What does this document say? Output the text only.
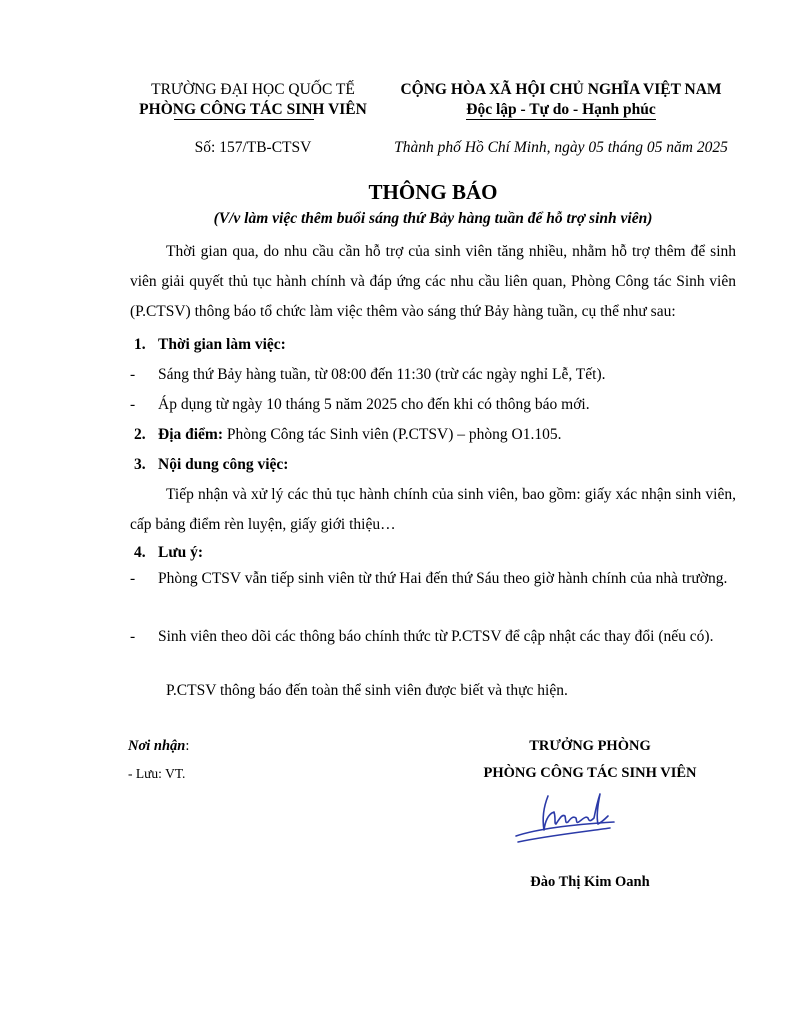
TRƯỜNG ĐẠI HỌC QUỐC TẾ
PHÒNG CÔNG TÁC SINH VIÊN
Số: 157/TB-CTSV
CỘNG HÒA XÃ HỘI CHỦ NGHĨA VIỆT NAM
Độc lập - Tự do - Hạnh phúc
Thành phố Hồ Chí Minh, ngày 05 tháng 05 năm 2025
THÔNG BÁO
(V/v làm việc thêm buổi sáng thứ Bảy hàng tuần để hỗ trợ sinh viên)
Thời gian qua, do nhu cầu cần hỗ trợ của sinh viên tăng nhiều, nhằm hỗ trợ thêm để sinh viên giải quyết thủ tục hành chính và đáp ứng các nhu cầu liên quan, Phòng Công tác Sinh viên (P.CTSV) thông báo tổ chức làm việc thêm vào sáng thứ Bảy hàng tuần, cụ thể như sau:
1. Thời gian làm việc:
-	Sáng thứ Bảy hàng tuần, từ 08:00 đến 11:30 (trừ các ngày nghỉ Lễ, Tết).
-	Áp dụng từ ngày 10 tháng 5 năm 2025 cho đến khi có thông báo mới.
2. Địa điểm: Phòng Công tác Sinh viên (P.CTSV) – phòng O1.105.
3. Nội dung công việc:
Tiếp nhận và xử lý các thủ tục hành chính của sinh viên, bao gồm: giấy xác nhận sinh viên, cấp bảng điểm rèn luyện, giấy giới thiệu…
4. Lưu ý:
- Phòng CTSV vẫn tiếp sinh viên từ thứ Hai đến thứ Sáu theo giờ hành chính của nhà trường.
- Sinh viên theo dõi các thông báo chính thức từ P.CTSV để cập nhật các thay đổi (nếu có).
P.CTSV thông báo đến toàn thể sinh viên được biết và thực hiện.
Nơi nhận:
- Lưu: VT.
TRƯỞNG PHÒNG
PHÒNG CÔNG TÁC SINH VIÊN
Đào Thị Kim Oanh
